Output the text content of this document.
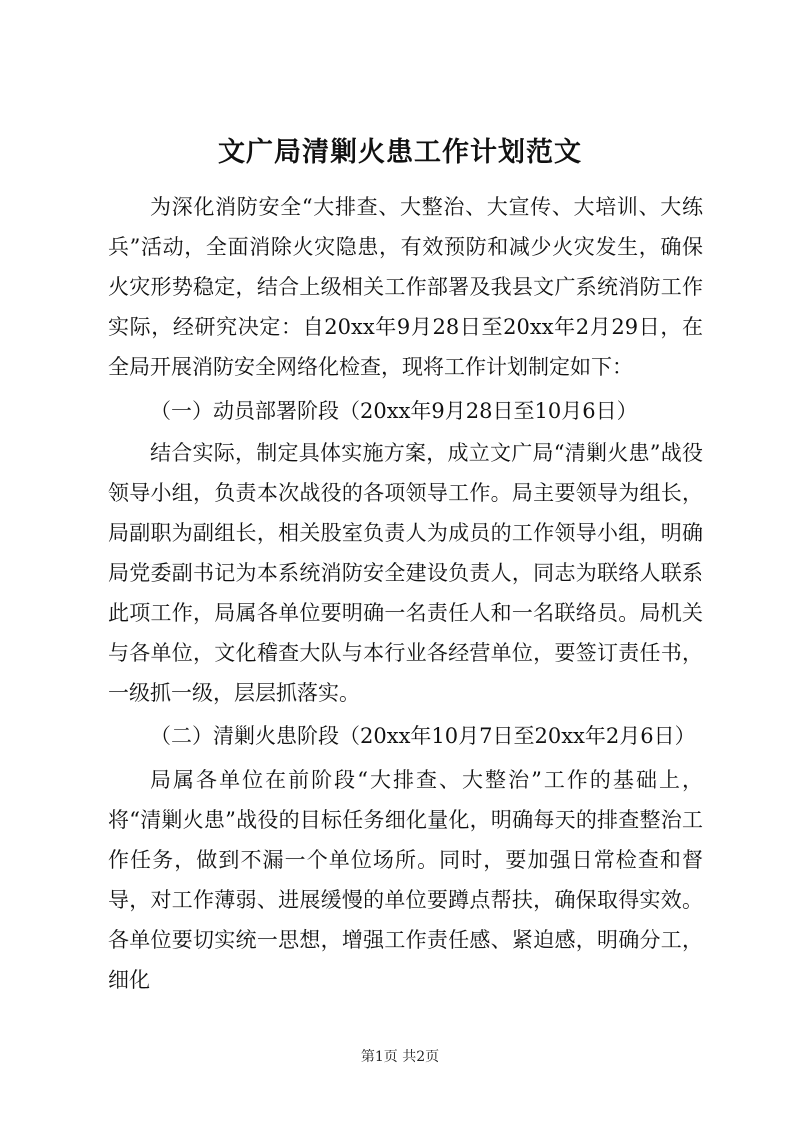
文广局清剿火患工作计划范文

为深化消防安全“大排查、大整治、大宣传、大培训、大练兵”活动，全面消除火灾隐患，有效预防和减少火灾发生，确保火灾形势稳定，结合上级相关工作部署及我县文广系统消防工作实际，经研究决定：自20xx年9月28日至20xx年2月29日，在全局开展消防安全网络化检查，现将工作计划制定如下：

（一）动员部署阶段（20xx年9月28日至10月6日）

结合实际，制定具体实施方案，成立文广局“清剿火患”战役领导小组，负责本次战役的各项领导工作。局主要领导为组长，局副职为副组长，相关股室负责人为成员的工作领导小组，明确局党委副书记为本系统消防安全建设负责人，同志为联络人联系此项工作，局属各单位要明确一名责任人和一名联络员。局机关与各单位，文化稽查大队与本行业各经营单位，要签订责任书，一级抓一级，层层抓落实。

（二）清剿火患阶段（20xx年10月7日至20xx年2月6日）

局属各单位在前阶段“大排查、大整治”工作的基础上，将“清剿火患”战役的目标任务细化量化，明确每天的排查整治工作任务，做到不漏一个单位场所。同时，要加强日常检查和督导，对工作薄弱、进展缓慢的单位要蹲点帮扶，确保取得实效。各单位要切实统一思想，增强工作责任感、紧迫感，明确分工，细化

第1页 共2页
